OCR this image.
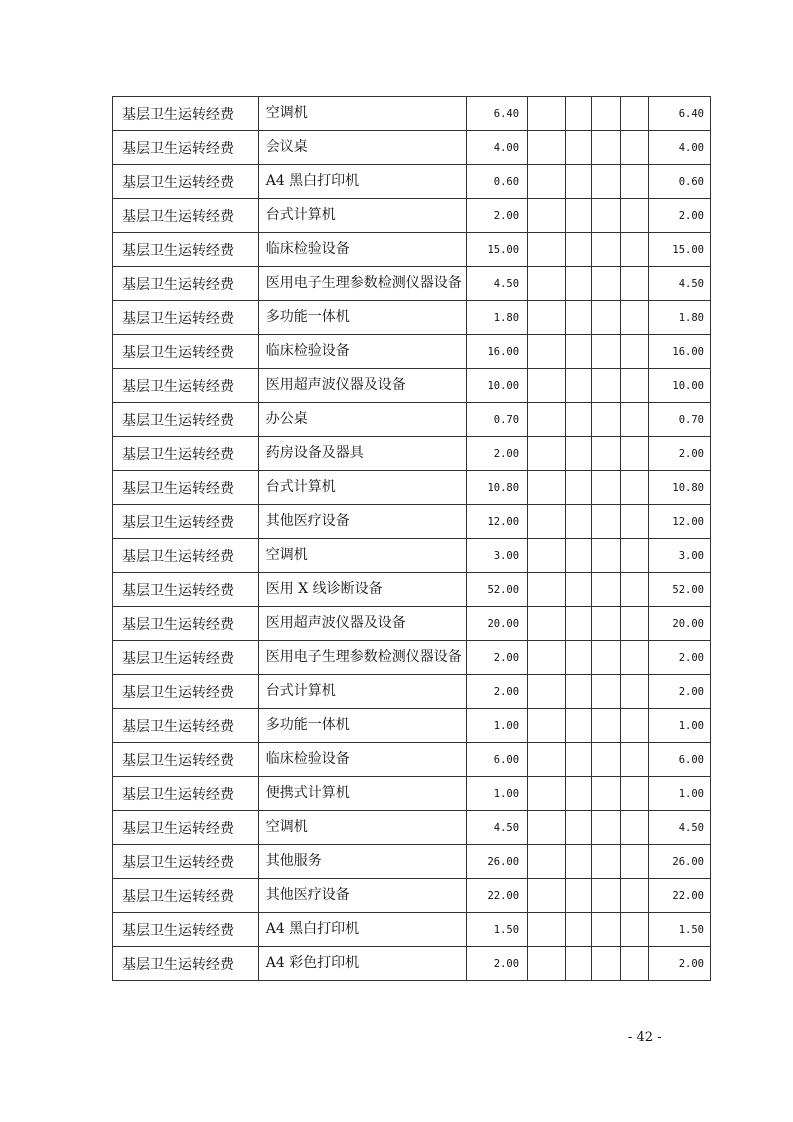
基层卫生运转经费	空调机	6.40					6.40
基层卫生运转经费	会议桌	4.00					4.00
基层卫生运转经费	A4 黑白打印机	0.60					0.60
基层卫生运转经费	台式计算机	2.00					2.00
基层卫生运转经费	临床检验设备	15.00					15.00
基层卫生运转经费	医用电子生理参数检测仪器设备	4.50					4.50
基层卫生运转经费	多功能一体机	1.80					1.80
基层卫生运转经费	临床检验设备	16.00					16.00
基层卫生运转经费	医用超声波仪器及设备	10.00					10.00
基层卫生运转经费	办公桌	0.70					0.70
基层卫生运转经费	药房设备及器具	2.00					2.00
基层卫生运转经费	台式计算机	10.80					10.80
基层卫生运转经费	其他医疗设备	12.00					12.00
基层卫生运转经费	空调机	3.00					3.00
基层卫生运转经费	医用 X 线诊断设备	52.00					52.00
基层卫生运转经费	医用超声波仪器及设备	20.00					20.00
基层卫生运转经费	医用电子生理参数检测仪器设备	2.00					2.00
基层卫生运转经费	台式计算机	2.00					2.00
基层卫生运转经费	多功能一体机	1.00					1.00
基层卫生运转经费	临床检验设备	6.00					6.00
基层卫生运转经费	便携式计算机	1.00					1.00
基层卫生运转经费	空调机	4.50					4.50
基层卫生运转经费	其他服务	26.00					26.00
基层卫生运转经费	其他医疗设备	22.00					22.00
基层卫生运转经费	A4 黑白打印机	1.50					1.50
基层卫生运转经费	A4 彩色打印机	2.00					2.00
- 42 -
